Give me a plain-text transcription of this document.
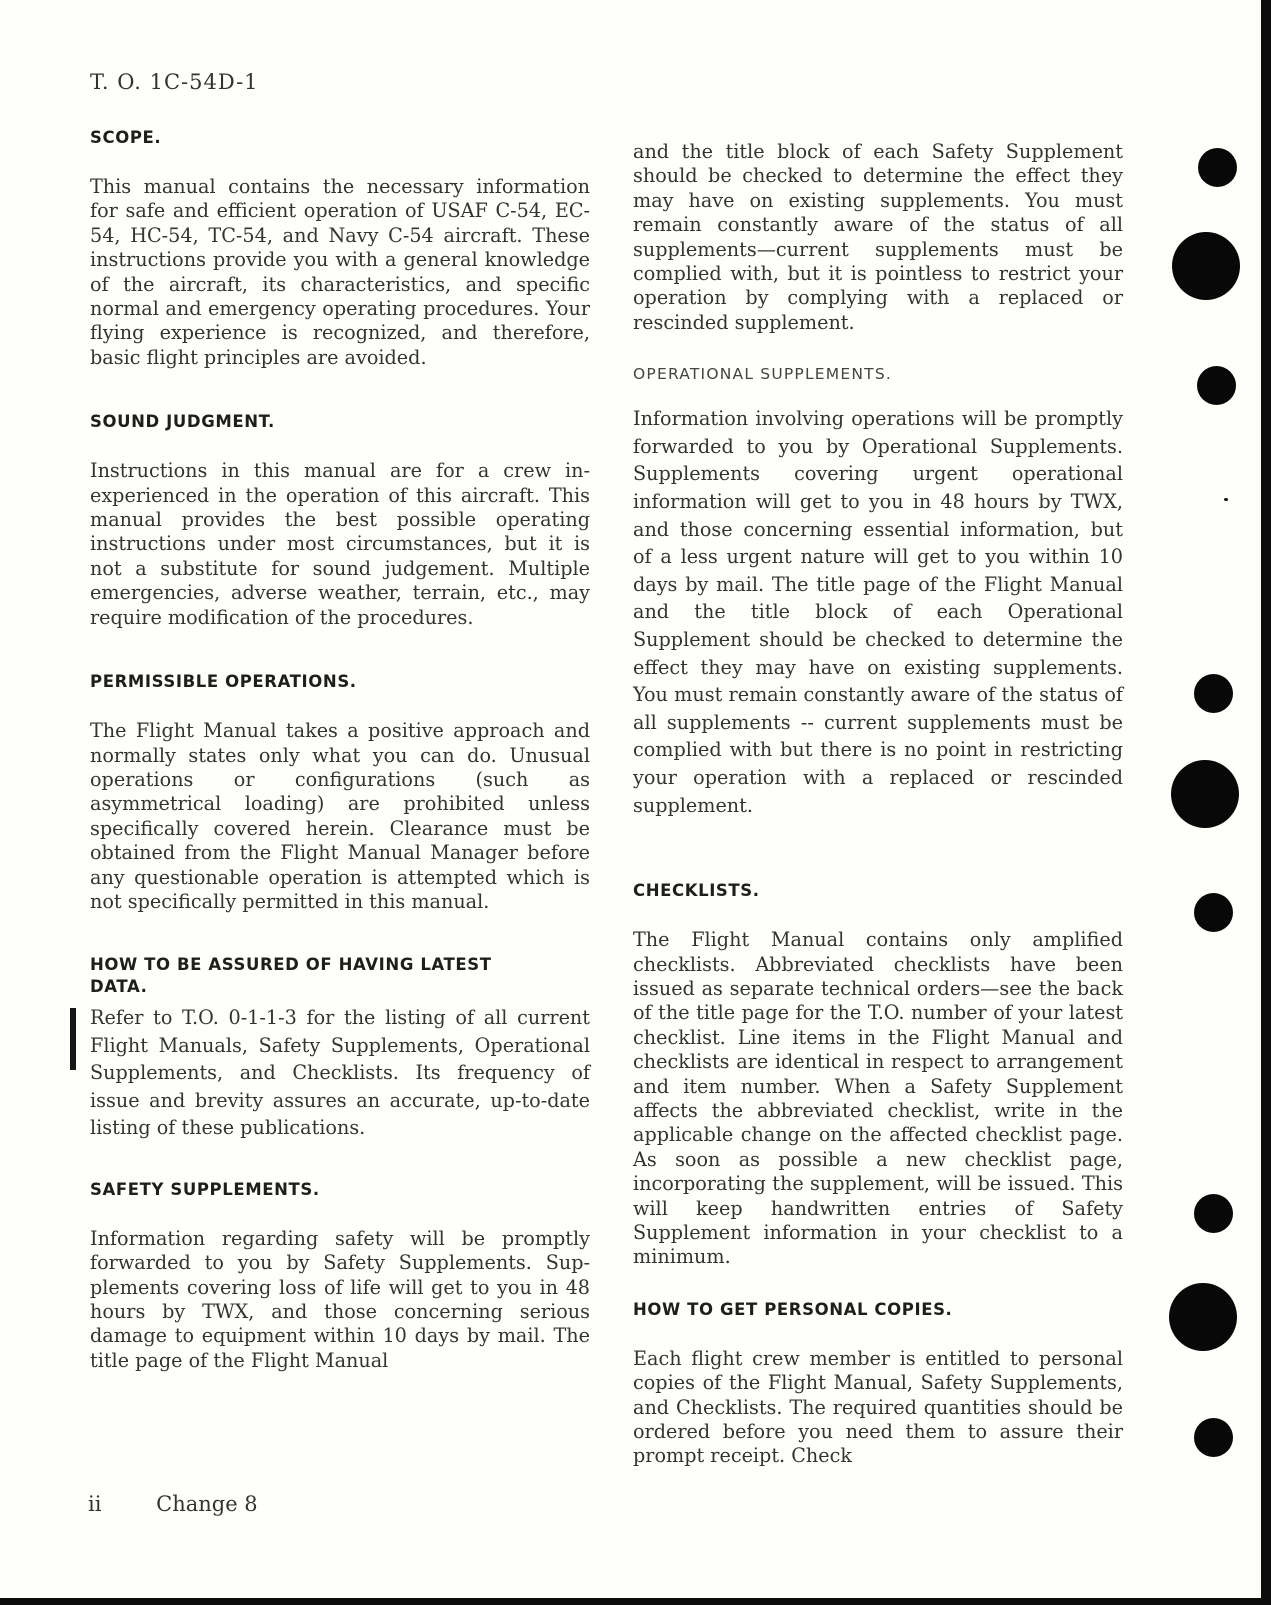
T. O. 1C-54D-1
SCOPE.

This manual contains the necessary information for safe and efficient operation of USAF C-54, EC-54, HC-54, TC-54, and Navy C-54 aircraft. These instructions provide you with a general knowledge of the aircraft, its characteristics, and specific normal and emergency operating procedures. Your flying experience is recognized, and therefore, basic flight principles are avoided.

SOUND JUDGMENT.

Instructions in this manual are for a crew inexperienced in the operation of this aircraft. This manual provides the best possible operating instructions under most circumstances, but it is not a substitute for sound judgement. Multiple emergencies, adverse weather, terrain, etc., may require modification of the procedures.

PERMISSIBLE OPERATIONS.

The Flight Manual takes a positive approach and normally states only what you can do. Unusual operations or configurations (such as asymmetrical loading) are prohibited unless specifically covered herein. Clearance must be obtained from the Flight Manual Manager before any questionable operation is attempted which is not specifically permitted in this manual.

HOW TO BE ASSURED OF HAVING LATEST DATA.

Refer to T.O. 0-1-1-3 for the listing of all current Flight Manuals, Safety Supplements, Operational Supplements, and Checklists. Its frequency of issue and brevity assures an accurate, up-to-date listing of these publications.

SAFETY SUPPLEMENTS.

Information regarding safety will be promptly forwarded to you by Safety Supplements. Supplements covering loss of life will get to you in 48 hours by TWX, and those concerning serious damage to equipment within 10 days by mail. The title page of the Flight Manual

and the title block of each Safety Supplement should be checked to determine the effect they may have on existing supplements. You must remain constantly aware of the status of all supplements—current supplements must be complied with, but it is pointless to restrict your operation by complying with a replaced or rescinded supplement.

OPERATIONAL SUPPLEMENTS.

Information involving operations will be promptly forwarded to you by Operational Supplements. Supplements covering urgent operational information will get to you in 48 hours by TWX, and those concerning essential information, but of a less urgent nature will get to you within 10 days by mail. The title page of the Flight Manual and the title block of each Operational Supplement should be checked to determine the effect they may have on existing supplements. You must remain constantly aware of the status of all supplements -- current supplements must be complied with but there is no point in restricting your operation with a replaced or rescinded supplement.

CHECKLISTS.

The Flight Manual contains only amplified checklists. Abbreviated checklists have been issued as separate technical orders—see the back of the title page for the T.O. number of your latest checklist. Line items in the Flight Manual and checklists are identical in respect to arrangement and item number. When a Safety Supplement affects the abbreviated checklist, write in the applicable change on the affected checklist page. As soon as possible a new checklist page, incorporating the supplement, will be issued. This will keep handwritten entries of Safety Supplement information in your checklist to a minimum.

HOW TO GET PERSONAL COPIES.

Each flight crew member is entitled to personal copies of the Flight Manual, Safety Supplements, and Checklists. The required quantities should be ordered before you need them to assure their prompt receipt. Check

ii	Change 8
